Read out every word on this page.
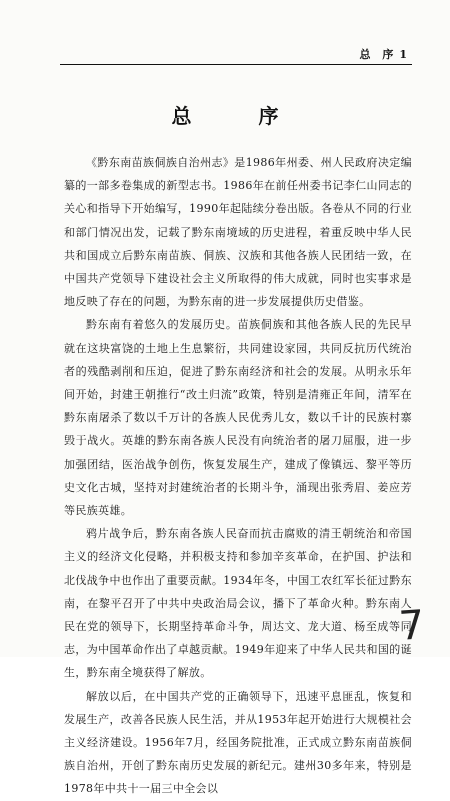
总 序 1
总 序

《黔东南苗族侗族自治州志》是1986年州委、州人民政府决定编纂的一部多卷集成的新型志书。1986年在前任州委书记李仁山同志的关心和指导下开始编写，1990年起陆续分卷出版。各卷从不同的行业和部门情况出发，记载了黔东南境域的历史进程，着重反映中华人民共和国成立后黔东南苗族、侗族、汉族和其他各族人民团结一致，在中国共产党领导下建设社会主义所取得的伟大成就，同时也实事求是地反映了存在的问题，为黔东南的进一步发展提供历史借鉴。

黔东南有着悠久的发展历史。苗族侗族和其他各族人民的先民早就在这块富饶的土地上生息繁衍，共同建设家园，共同反抗历代统治者的残酷剥削和压迫，促进了黔东南经济和社会的发展。从明永乐年间开始，封建王朝推行“改土归流”政策，特别是清雍正年间，清军在黔东南屠杀了数以千万计的各族人民优秀儿女，数以千计的民族村寨毁于战火。英雄的黔东南各族人民没有向统治者的屠刀屈服，进一步加强团结，医治战争创伤，恢复发展生产，建成了像镇远、黎平等历史文化古城，坚持对封建统治者的长期斗争，涌现出张秀眉、姜应芳等民族英雄。

鸦片战争后，黔东南各族人民奋而抗击腐败的清王朝统治和帝国主义的经济文化侵略，并积极支持和参加辛亥革命，在护国、护法和北伐战争中也作出了重要贡献。1934年冬，中国工农红军长征过黔东南，在黎平召开了中共中央政治局会议，播下了革命火种。黔东南人民在党的领导下，长期坚持革命斗争，周达文、龙大道、杨至成等同志，为中国革命作出了卓越贡献。1949年迎来了中华人民共和国的诞生，黔东南全境获得了解放。

解放以后，在中国共产党的正确领导下，迅速平息匪乱，恢复和发展生产，改善各民族人民生活，并从1953年起开始进行大规模社会主义经济建设。1956年7月，经国务院批准，正式成立黔东南苗族侗族自治州，开创了黔东南历史发展的新纪元。建州30多年来，特别是1978年中共十一届三中全会以

7
